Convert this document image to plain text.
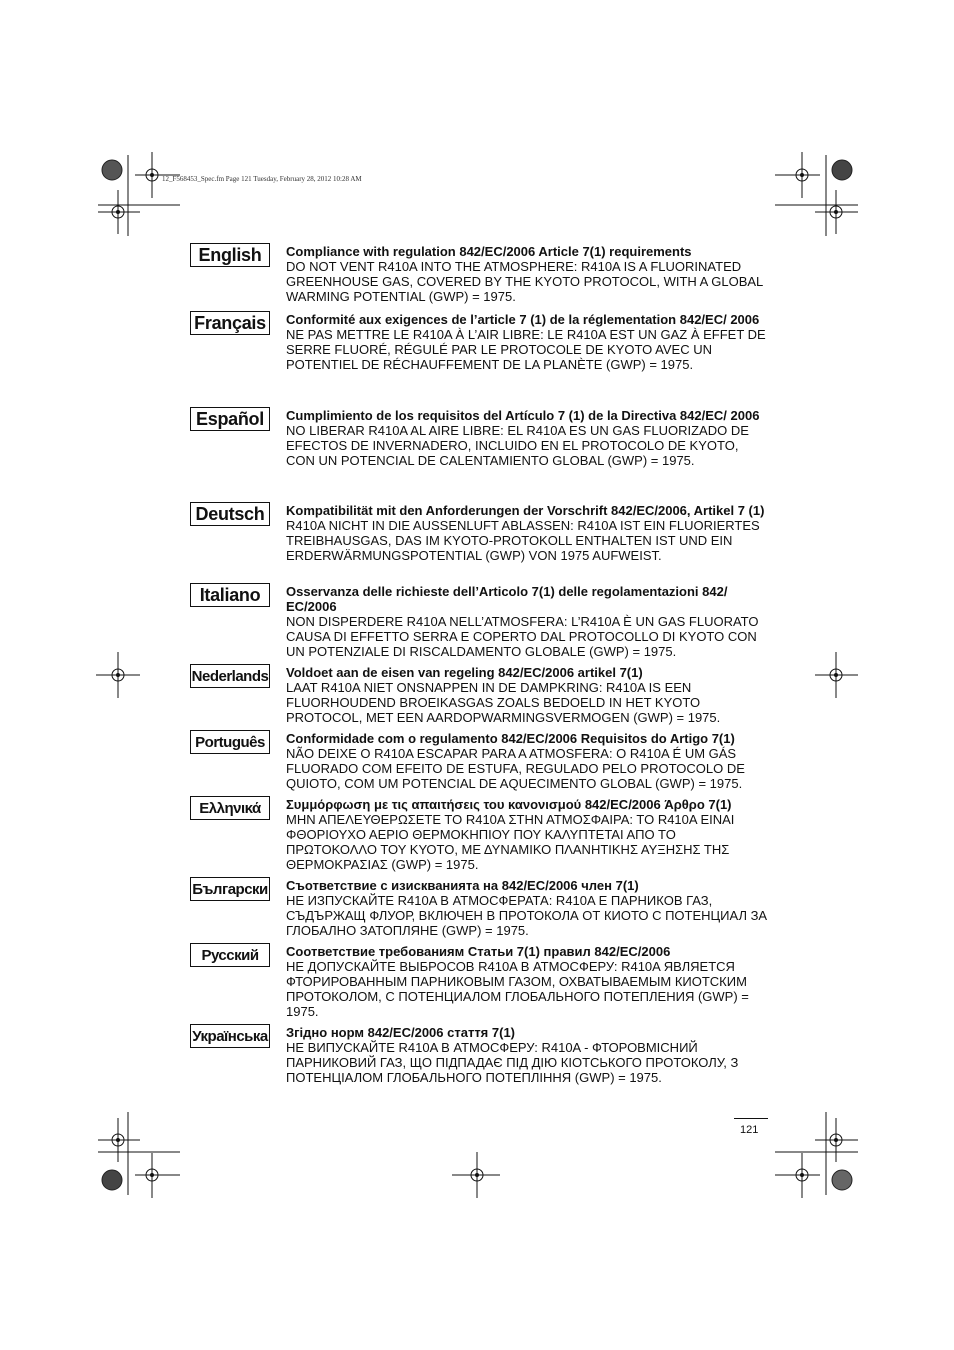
12_F568453_Spec.fm Page 121 Tuesday, February 28, 2012 10:28 AM
English	Compliance with regulation 842/EC/2006 Article 7(1) requirements
DO NOT VENT R410A INTO THE ATMOSPHERE: R410A IS A FLUORINATED GREENHOUSE GAS, COVERED BY THE KYOTO PROTOCOL, WITH A GLOBAL WARMING POTENTIAL (GWP) = 1975.
Français	Conformité aux exigences de l’article 7 (1) de la réglementation 842/EC/ 2006
NE PAS METTRE LE R410A À L’AIR LIBRE: LE R410A EST UN GAZ À EFFET DE SERRE FLUORÉ, RÉGULÉ PAR LE PROTOCOLE DE KYOTO AVEC UN POTENTIEL DE RÉCHAUFFEMENT DE LA PLANÈTE (GWP) = 1975.
Español	Cumplimiento de los requisitos del Artículo 7 (1) de la Directiva 842/EC/ 2006
NO LIBERAR R410A AL AIRE LIBRE: EL R410A ES UN GAS FLUORIZADO DE EFECTOS DE INVERNADERO, INCLUIDO EN EL PROTOCOLO DE KYOTO, CON UN POTENCIAL DE CALENTAMIENTO GLOBAL (GWP) = 1975.
Deutsch	Kompatibilität mit den Anforderungen der Vorschrift 842/EC/2006, Artikel 7 (1)
R410A NICHT IN DIE AUSSENLUFT ABLASSEN: R410A IST EIN FLUORIERTES TREIBHAUSGAS, DAS IM KYOTO-PROTOKOLL ENTHALTEN IST UND EIN ERDERWÄRMUNGSPOTENTIAL (GWP) VON 1975 AUFWEIST.
Italiano	Osservanza delle richieste dell’Articolo 7(1) delle regolamentazioni 842/ EC/2006
NON DISPERDERE R410A NELL’ATMOSFERA: L’R410A È UN GAS FLUORATO CAUSA DI EFFETTO SERRA E COPERTO DAL PROTOCOLLO DI KYOTO CON UN POTENZIALE DI RISCALDAMENTO GLOBALE (GWP) = 1975.
Nederlands Voldoet aan de eisen van regeling 842/EC/2006 artikel 7(1)
LAAT R410A NIET ONSNAPPEN IN DE DAMPKRING: R410A IS EEN FLUORHOUDEND BROEIKASGAS ZOALS BEDOELD IN HET KYOTO PROTOCOL, MET EEN AARDOPWARMINGSVERMOGEN (GWP) = 1975.
Português	Conformidade com o regulamento 842/EC/2006 Requisitos do Artigo 7(1)
NÃO DEIXE O R410A ESCAPAR PARA A ATMOSFERA: O R410A É UM GÁS FLUORADO COM EFEITO DE ESTUFA, REGULADO PELO PROTOCOLO DE QUIOTO, COM UM POTENCIAL DE AQUECIMENTO GLOBAL (GWP) = 1975.
Ελληνικά	Συμμόρφωση με τις απαιτήσεις του κανονισμού 842/EC/2006 Άρθρο 7(1)
ΜΗΝ ΑΠΕΛΕΥΘΕΡΩΣΕΤΕ ΤΟ R410A ΣΤΗΝ ΑΤΜΟΣΦΑΙΡΑ: ΤΟ R410A ΕΙΝΑΙ ΦΘΟΡΙΟΥΧΟ ΑΕΡΙΟ ΘΕΡΜΟΚΗΠΙΟΥ ΠΟΥ ΚΑΛΥΠΤΕΤΑΙ ΑΠΟ ΤΟ ΠΡΩΤΟΚΟΛΛΟ ΤΟΥ ΚΥΟΤΟ, ΜΕ ΔΥΝΑΜΙΚΟ ΠΛΑΝΗΤΙΚΗΣ ΑΥΞΗΣΗΣ ΤΗΣ ΘΕΡΜΟΚΡΑΣΙΑΣ (GWP) = 1975.
Български Съответствие с изискванията на 842/EC/2006 член 7(1)
НЕ ИЗПУСКАЙТЕ R410A В АТМОСФЕРАТА: R410A Е ПАРНИКОВ ГАЗ, СЪДЪРЖАЩ ФЛУОР, ВКЛЮЧЕН В ПРОТОКОЛА ОТ КИОТО С ПОТЕНЦИАЛ ЗА ГЛОБАЛНО ЗАТОПЛЯНЕ (GWP) = 1975.
Русский	Соответствие требованиям Статьи 7(1) правил 842/EC/2006
НЕ ДОПУСКАЙТЕ ВЫБРОСОВ R410A В АТМОСФЕРУ: R410A ЯВЛЯЕТСЯ ФТОРИРОВАННЫМ ПАРНИКОВЫМ ГАЗОМ, ОХВАТЫВАЕМЫМ КИОТСКИМ ПРОТОКОЛОМ, С ПОТЕНЦИАЛОМ ГЛОБАЛЬНОГО ПОТЕПЛЕНИЯ (GWP) = 1975.
Українська Згідно норм 842/EC/2006 стаття 7(1)
НЕ ВИПУСКАЙТЕ R410A В АТМОСФЕРУ: R410A - ФТОРОВМІСНИЙ ПАРНИКОВИЙ ГАЗ, ЩО ПІДПАДАЄ ПІД ДІЮ КІОТСЬКОГО ПРОТОКОЛУ, З ПОТЕНЦІАЛОМ ГЛОБАЛЬНОГО ПОТЕПЛІННЯ (GWP) = 1975.
121
